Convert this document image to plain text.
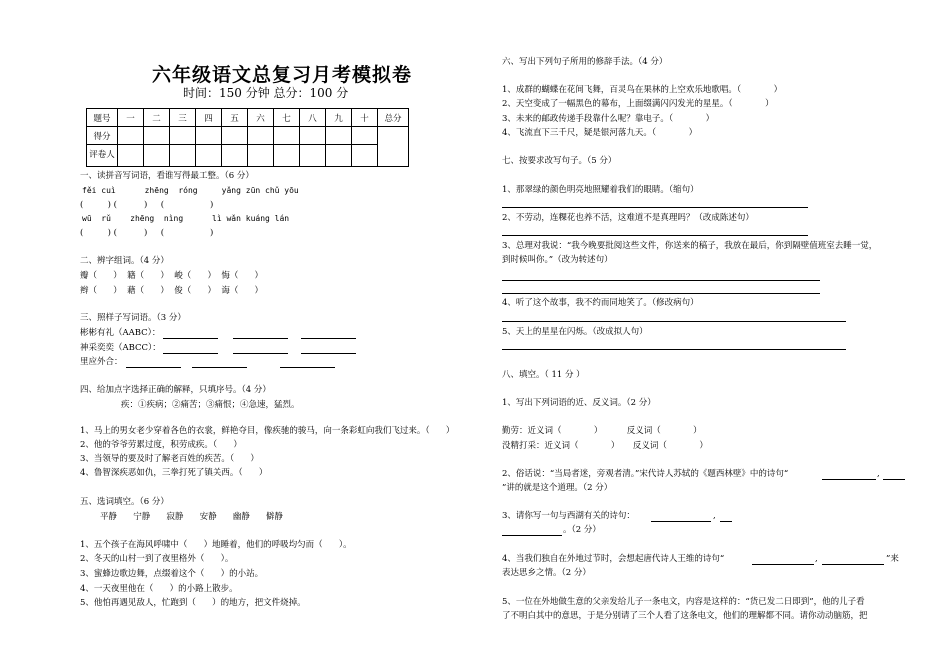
六年级语文总复习月考模拟卷
时间：150 分钟 总分：100 分
题号	一	二	三	四	五	六	七	八	九	十	总分
得分											
评卷人											
一、读拼音写词语，看谁写得最工整。（6 分）
fěi cuì      zhēng  róng     yǎng zūn chǔ yōu
(         ) (          )     (                 )
wū  rǔ    zhēng  nìng      lì wǎn kuáng lán
(         ) (          )     (                 )
二、辨字组词。（4 分）
瓣（      ）  籍（      ）  峻（      ）  悔（      ）
辫（      ）  藉（      ）  俊（      ）  诲（      ）
三、照样子写词语。（3 分）
彬彬有礼（AABC）：
神采奕奕（ABCC）：
里应外合：
四、给加点字选择正确的解释，只填序号。（4 分）
疾：①疾病；②痛苦；③痛恨；④急速，猛烈。
1、马上的男女老少穿着各色的衣裳，鲜艳夺目，像疾驰的骏马，向一条彩虹向我们飞过来。（      ）
2、他的爷爷劳累过度，积劳成疾。（      ）
3、当领导的要及时了解老百姓的疾苦。（      ）
4、鲁智深疾恶如仇，三拳打死了镇关西。（      ）
五、选词填空。（6 分）
平静      宁静      寂静      安静      幽静      僻静
1、五个孩子在海风呼啸中（      ）地睡着，他们的呼吸均匀而（      ）。
2、冬天的山村一到了夜里格外（      ）。
3、蜜蜂边歌边舞，点缀着这个（      ）的小站。
4、一天夜里他在（      ）的小路上散步。
5、他怕再遇见敌人，忙跑到（      ）的地方，把文件烧掉。
六、写出下列句子所用的修辞手法。（4 分）
1、成群的蝴蝶在花间飞舞，百灵鸟在果林的上空欢乐地歌唱。（            ）
2、天空变成了一幅黑色的幕布，上面缀满闪闪发光的星星。（            ）
3、未来的邮政传递手段靠什么呢？靠电子。（            ）
4、飞流直下三千尺，疑是银河落九天。（            ）
七、按要求改写句子。（5 分）
1、那翠绿的颜色明亮地照耀着我们的眼睛。（缩句）
2、不劳动，连粿花也养不活，这难道不是真理吗？（改成陈述句）
3、总理对我说：“我今晚要批阅这些文件，你送来的稿子，我放在最后，你到隔壁值班室去睡一觉，
到时候叫你。”（改为转述句）
4、听了这个故事，我不约而同地笑了。（修改病句）
5、天上的星星在闪烁。（改成拟人句）
八、填空。（ 11 分 ）
1、写出下列词语的近、反义词。（2 分）
勤劳：近义词（            ）         反义词（            ）
没精打采：近义词（            ）     反义词（            ）
2、俗话说：“当局者迷，旁观者清。”宋代诗人苏轼的《题西林壁》中的诗句“	,
”讲的就是这个道理。（2 分）
3、请你写一句与西湖有关的诗句：	,
。（2 分）
4、当我们独自在外地过节时，会想起唐代诗人王维的诗句“	,	”来
表达思乡之情。（2 分）
5、一位在外地做生意的父亲发给儿子一条电文，内容是这样的：“货已发二日即到”，他的儿子看
了不明白其中的意思，于是分别请了三个人看了这条电文，他们的理解都不同。请你动动脑筋，把
